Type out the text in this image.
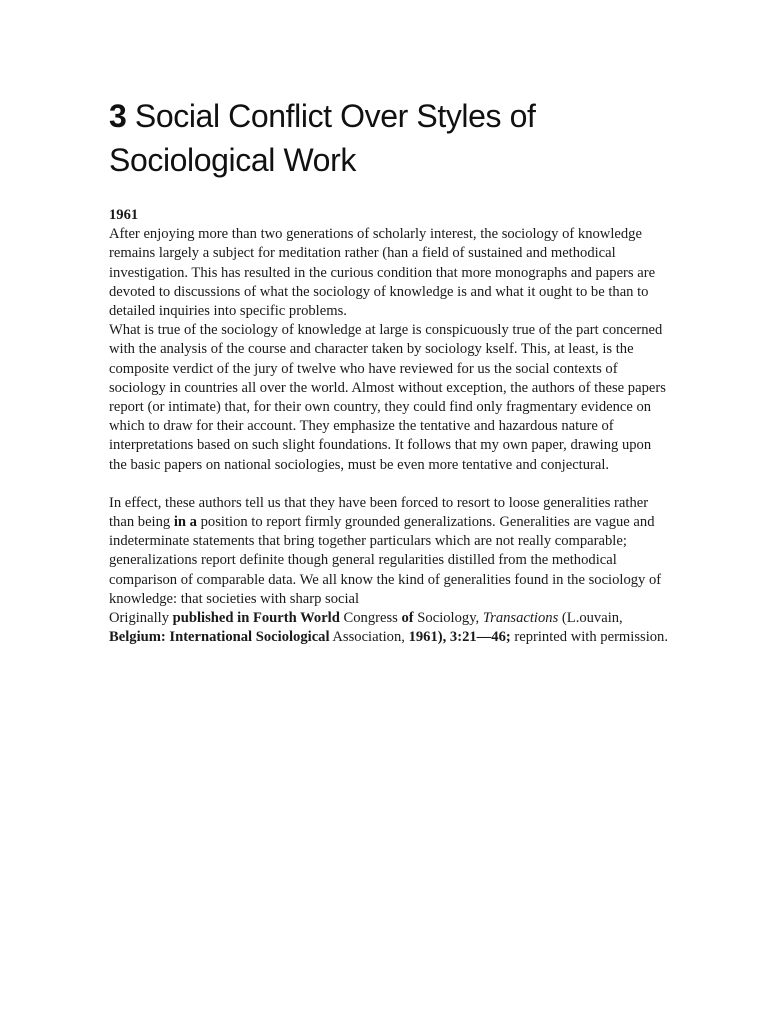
3 Social Conflict Over Styles of
Sociological Work
1961

After enjoying more than two generations of scholarly interest, the sociology of knowledge remains largely a subject for meditation rather (han a field of sustained and methodical investigation. This has resulted in the curious condition that more monographs and papers are devoted to discussions of what the sociology of knowledge is and what it ought to be than to detailed inquiries into specific problems.

What is true of the sociology of knowledge at large is conspicuously true of the part concerned with the analysis of the course and character taken by sociology kself. This, at least, is the composite verdict of the jury of twelve who have reviewed for us the social contexts of sociology in countries all over the world. Almost without exception, the authors of these papers report (or intimate) that, for their own country, they could find only fragmentary evidence on which to draw for their account. They emphasize the tentative and hazardous nature of interpretations based on such slight foundations. It follows that my own paper, drawing upon the basic papers on national sociologies, must be even more tentative and conjectural.

In effect, these authors tell us that they have been forced to resort to loose generalities rather than being in a position to report firmly grounded generalizations. Generalities are vague and indeterminate statements that bring together particulars which are not really comparable; generalizations report definite though general regularities distilled from the methodical comparison of comparable data. We all know the kind of generalities found in the sociology of knowledge: that societies with sharp social

Originally published in Fourth World Congress of Sociology, Transactions (L.ouvain, Belgium: International Sociological Association, 1961), 3:21—46; reprinted with permission.
